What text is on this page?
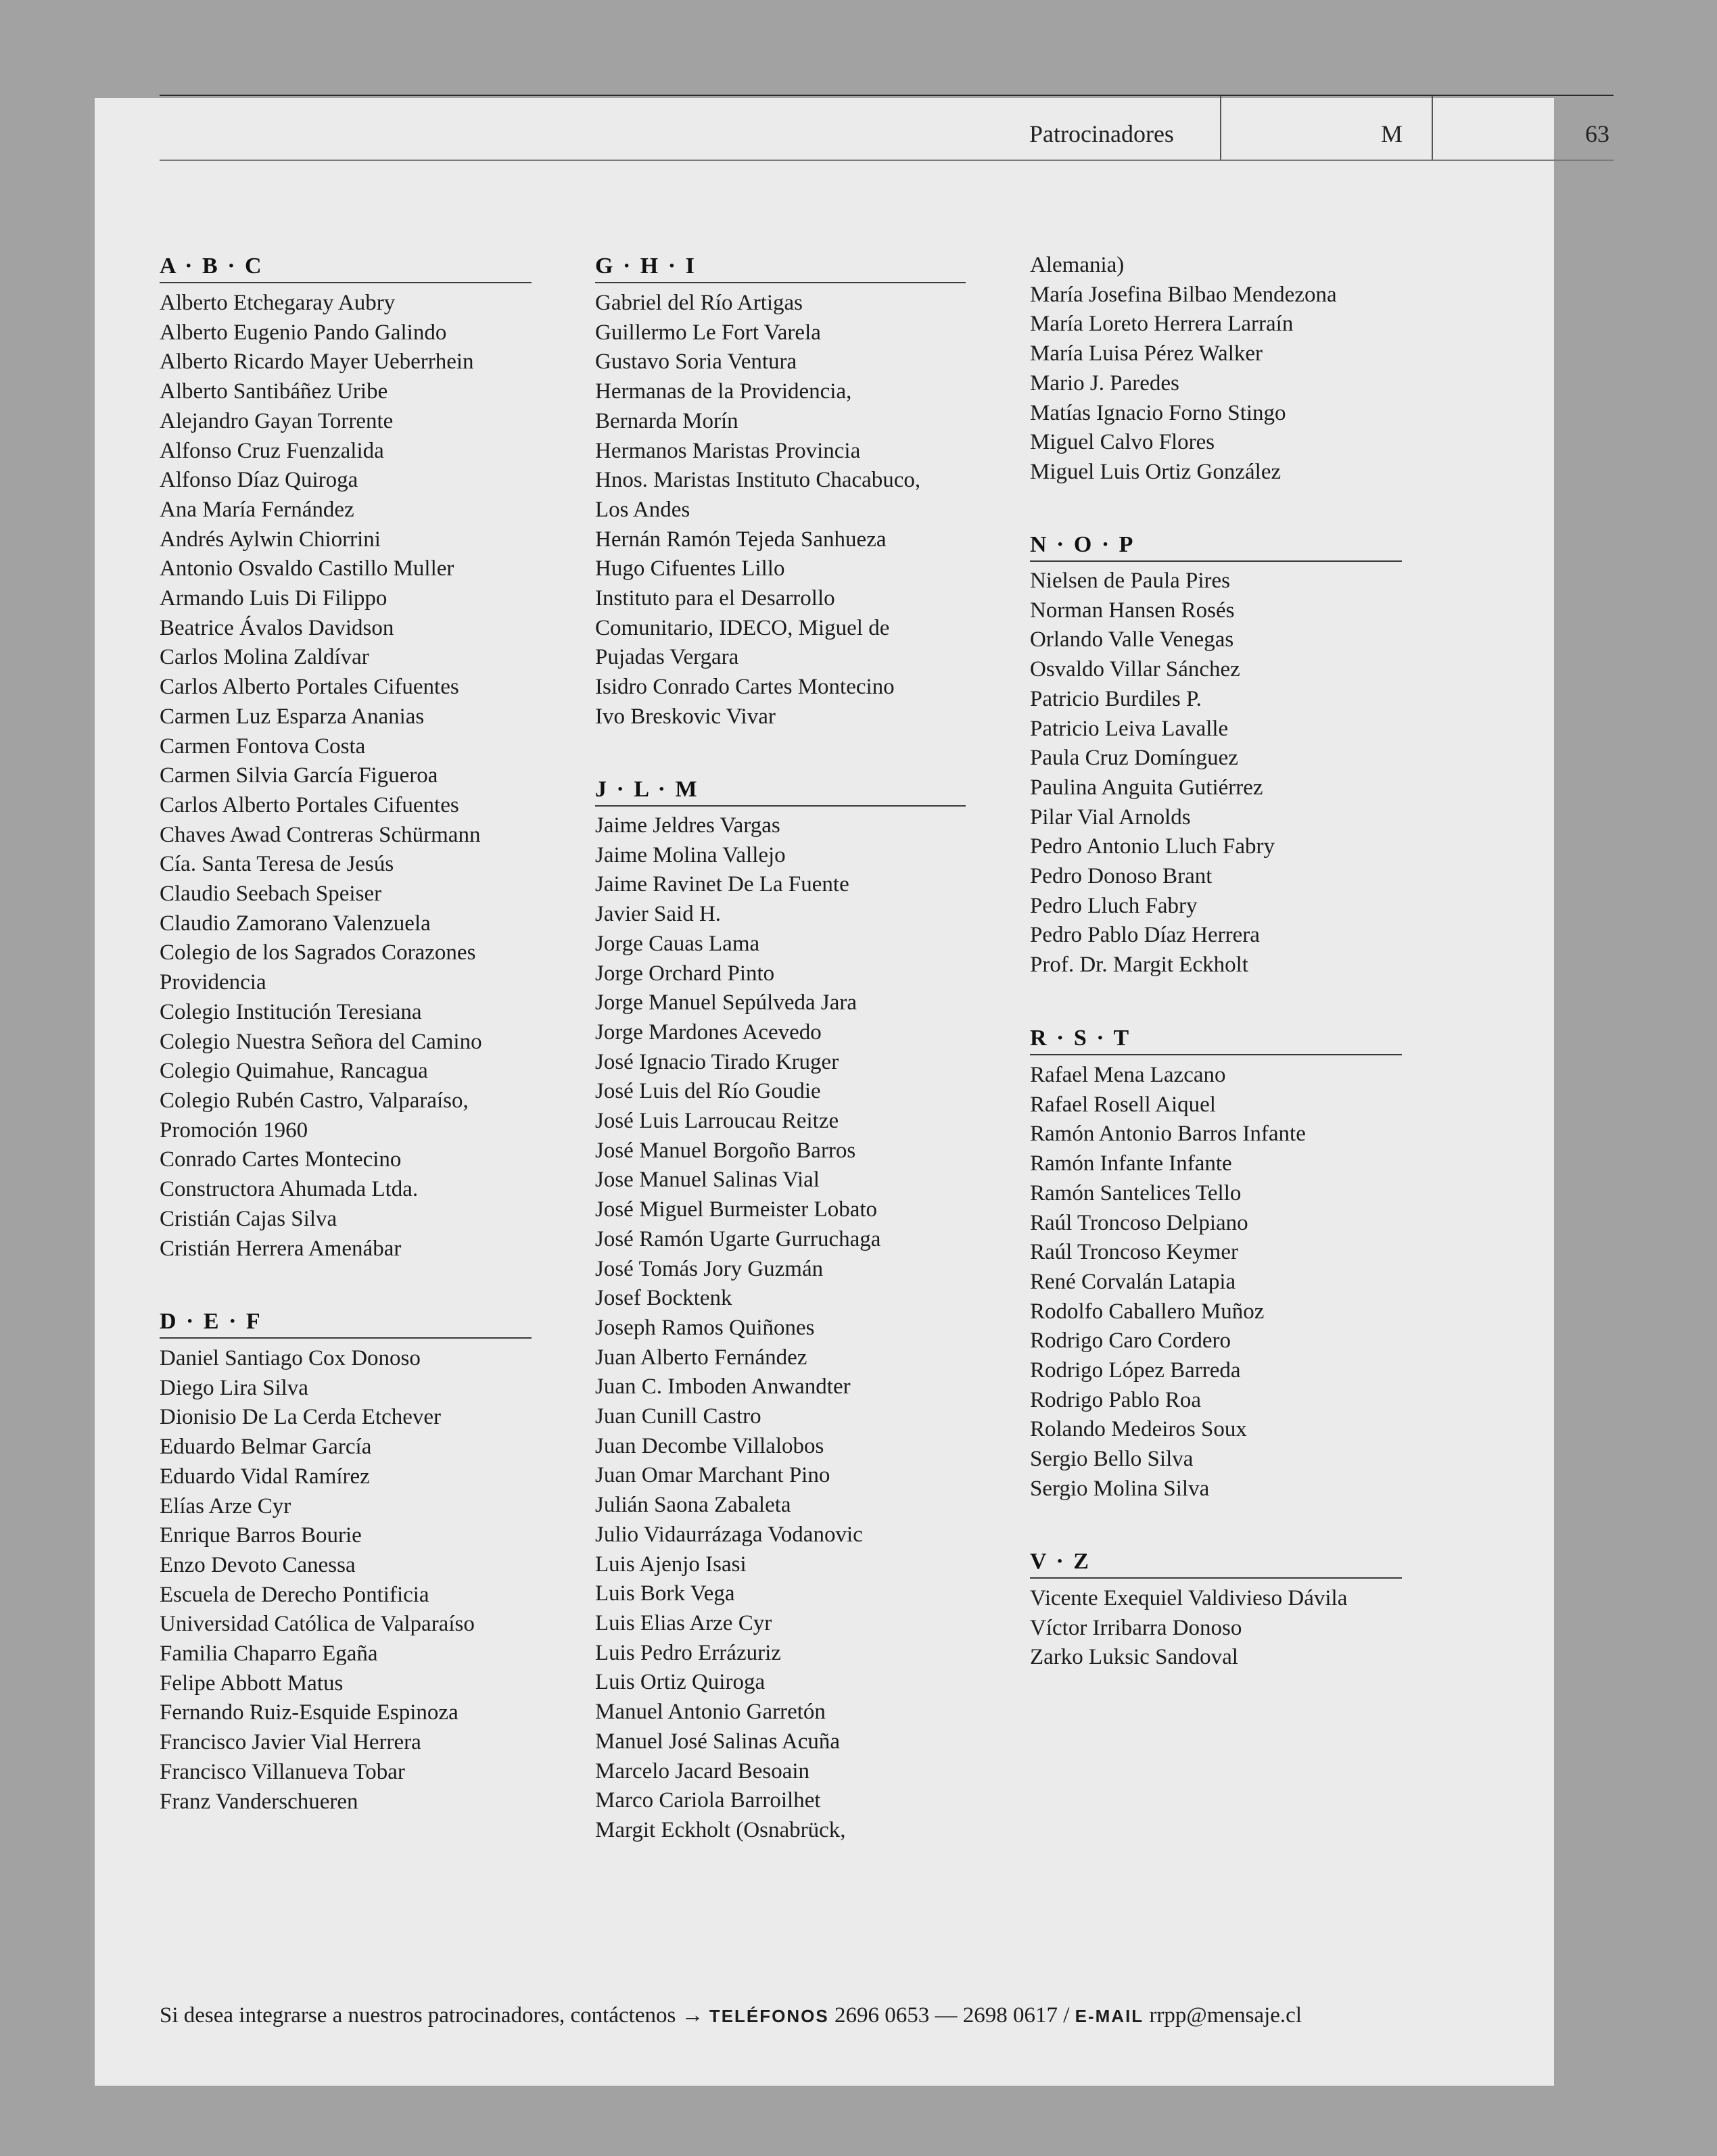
Patrocinadores	M	63
A · B · C
Alberto Etchegaray Aubry
Alberto Eugenio Pando Galindo
Alberto Ricardo Mayer Ueberrhein
Alberto Santibáñez Uribe
Alejandro Gayan Torrente
Alfonso Cruz Fuenzalida
Alfonso Díaz Quiroga
Ana María Fernández
Andrés Aylwin Chiorrini
Antonio Osvaldo Castillo Muller
Armando Luis Di Filippo
Beatrice Ávalos Davidson
Carlos Molina Zaldívar
Carlos Alberto Portales Cifuentes
Carmen Luz Esparza Ananias
Carmen Fontova Costa
Carmen Silvia García Figueroa
Carlos Alberto Portales Cifuentes
Chaves Awad Contreras Schürmann
Cía. Santa Teresa de Jesús
Claudio Seebach Speiser
Claudio Zamorano Valenzuela
Colegio de los Sagrados Corazones
Providencia
Colegio Institución Teresiana
Colegio Nuestra Señora del Camino
Colegio Quimahue, Rancagua
Colegio Rubén Castro, Valparaíso,
Promoción 1960
Conrado Cartes Montecino
Constructora Ahumada Ltda.
Cristián Cajas Silva
Cristián Herrera Amenábar
D · E · F
Daniel Santiago Cox Donoso
Diego Lira Silva
Dionisio De La Cerda Etchever
Eduardo Belmar García
Eduardo Vidal Ramírez
Elías Arze Cyr
Enrique Barros Bourie
Enzo Devoto Canessa
Escuela de Derecho Pontificia
Universidad Católica de Valparaíso
Familia Chaparro Egaña
Felipe Abbott Matus
Fernando Ruiz-Esquide Espinoza
Francisco Javier Vial Herrera
Francisco Villanueva Tobar
Franz Vanderschueren
G · H · I
Gabriel del Río Artigas
Guillermo Le Fort Varela
Gustavo Soria Ventura
Hermanas de la Providencia,
Bernarda Morín
Hermanos Maristas Provincia
Hnos. Maristas Instituto Chacabuco,
Los Andes
Hernán Ramón Tejeda Sanhueza
Hugo Cifuentes Lillo
Instituto para el Desarrollo
Comunitario, IDECO, Miguel de
Pujadas Vergara
Isidro Conrado Cartes Montecino
Ivo Breskovic Vivar
J · L · M
Jaime Jeldres Vargas
Jaime Molina Vallejo
Jaime Ravinet De La Fuente
Javier Said H.
Jorge Cauas Lama
Jorge Orchard Pinto
Jorge Manuel Sepúlveda Jara
Jorge Mardones Acevedo
José Ignacio Tirado Kruger
José Luis del Río Goudie
José Luis Larroucau Reitze
José Manuel Borgoño Barros
Jose Manuel Salinas Vial
José Miguel Burmeister Lobato
José Ramón Ugarte Gurruchaga
José Tomás Jory Guzmán
Josef Bocktenk
Joseph Ramos Quiñones
Juan Alberto Fernández
Juan C. Imboden Anwandter
Juan Cunill Castro
Juan Decombe Villalobos
Juan Omar Marchant Pino
Julián Saona Zabaleta
Julio Vidaurrázaga Vodanovic
Luis Ajenjo Isasi
Luis Bork Vega
Luis Elias Arze Cyr
Luis Pedro Errázuriz
Luis Ortiz Quiroga
Manuel Antonio Garretón
Manuel José Salinas Acuña
Marcelo Jacard Besoain
Marco Cariola Barroilhet
Margit Eckholt (Osnabrück,
Alemania)
María Josefina Bilbao Mendezona
María Loreto Herrera Larraín
María Luisa Pérez Walker
Mario J. Paredes
Matías Ignacio Forno Stingo
Miguel Calvo Flores
Miguel Luis Ortiz González
N · O · P
Nielsen de Paula Pires
Norman Hansen Rosés
Orlando Valle Venegas
Osvaldo Villar Sánchez
Patricio Burdiles P.
Patricio Leiva Lavalle
Paula Cruz Domínguez
Paulina Anguita Gutiérrez
Pilar Vial Arnolds
Pedro Antonio Lluch Fabry
Pedro Donoso Brant
Pedro Lluch Fabry
Pedro Pablo Díaz Herrera
Prof. Dr. Margit Eckholt
R · S · T
Rafael Mena Lazcano
Rafael Rosell Aiquel
Ramón Antonio Barros Infante
Ramón Infante Infante
Ramón Santelices Tello
Raúl Troncoso Delpiano
Raúl Troncoso Keymer
René Corvalán Latapia
Rodolfo Caballero Muñoz
Rodrigo Caro Cordero
Rodrigo López Barreda
Rodrigo Pablo Roa
Rolando Medeiros Soux
Sergio Bello Silva
Sergio Molina Silva
V · Z
Vicente Exequiel Valdivieso Dávila
Víctor Irribarra Donoso
Zarko Luksic Sandoval
Si desea integrarse a nuestros patrocinadores, contáctenos → TELÉFONOS 2696 0653 — 2698 0617 / E-MAIL rrpp@mensaje.cl
